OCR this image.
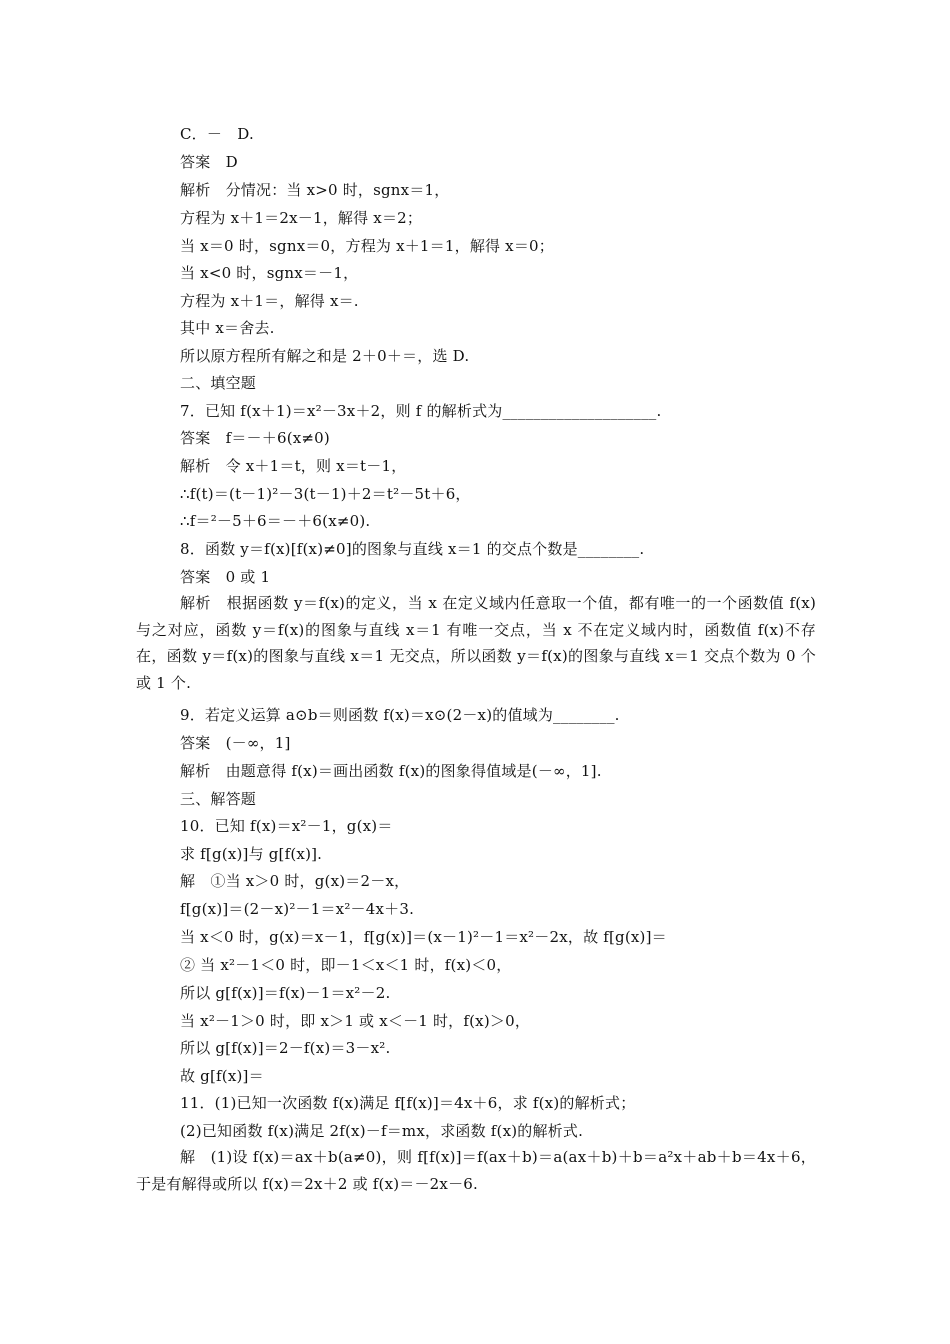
C．－　D.
答案　D
解析　分情况：当 x>0 时，sgnx＝1，
方程为 x＋1＝2x－1，解得 x＝2；
当 x＝0 时，sgnx＝0，方程为 x＋1＝1，解得 x＝0；
当 x<0 时，sgnx＝－1，
方程为 x＋1＝，解得 x＝.
其中 x＝舍去.
所以原方程所有解之和是 2＋0＋＝，选 D.
二、填空题
7．已知 f(x＋1)＝x²－3x＋2，则 f 的解析式为____________________.
答案　f＝－＋6(x≠0)
解析　令 x＋1＝t，则 x＝t－1，
∴f(t)＝(t－1)²－3(t－1)＋2＝t²－5t＋6，
∴f＝²－5＋6＝－＋6(x≠0).
8．函数 y＝f(x)[f(x)≠0]的图象与直线 x＝1 的交点个数是________.
答案　0 或 1
解析　根据函数 y＝f(x)的定义，当 x 在定义域内任意取一个值，都有唯一的一个函数值 f(x)与之对应，函数 y＝f(x)的图象与直线 x＝1 有唯一交点，当 x 不在定义域内时，函数值 f(x)不存在，函数 y＝f(x)的图象与直线 x＝1 无交点，所以函数 y＝f(x)的图象与直线 x＝1 交点个数为 0 个或 1 个.
9．若定义运算 a⊙b＝则函数 f(x)＝x⊙(2－x)的值域为________.
答案　(－∞，1]
解析　由题意得 f(x)＝画出函数 f(x)的图象得值域是(－∞，1].
三、解答题
10．已知 f(x)＝x²－1，g(x)＝
求 f[g(x)]与 g[f(x)].
解　①当 x＞0 时，g(x)＝2－x，
f[g(x)]＝(2－x)²－1＝x²－4x＋3.
当 x＜0 时，g(x)＝x－1，f[g(x)]＝(x－1)²－1＝x²－2x，故 f[g(x)]＝
② 当 x²－1＜0 时，即－1＜x＜1 时，f(x)＜0，
所以 g[f(x)]＝f(x)－1＝x²－2.
当 x²－1＞0 时，即 x＞1 或 x＜－1 时，f(x)＞0，
所以 g[f(x)]＝2－f(x)＝3－x².
故 g[f(x)]＝
11．(1)已知一次函数 f(x)满足 f[f(x)]＝4x＋6，求 f(x)的解析式；
(2)已知函数 f(x)满足 2f(x)－f＝mx，求函数 f(x)的解析式.
解　(1)设 f(x)＝ax＋b(a≠0)，则 f[f(x)]＝f(ax＋b)＝a(ax＋b)＋b＝a²x＋ab＋b＝4x＋6，于是有解得或所以 f(x)＝2x＋2 或 f(x)＝－2x－6.
